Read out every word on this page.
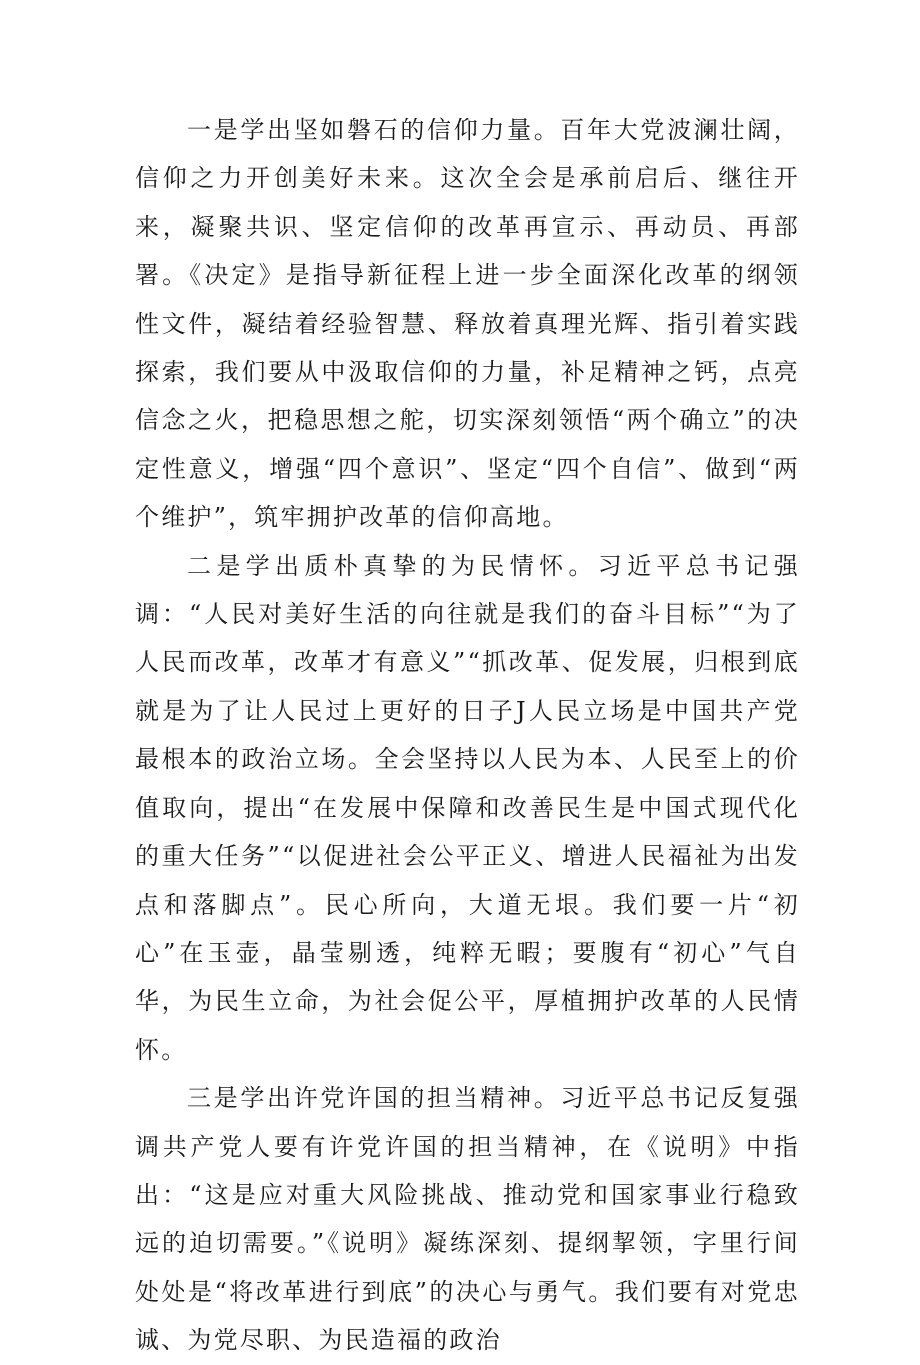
一是学出坚如磐石的信仰力量。百年大党波澜壮阔，信仰之力开创美好未来。这次全会是承前启后、继往开来，凝聚共识、坚定信仰的改革再宣示、再动员、再部署。《决定》是指导新征程上进一步全面深化改革的纲领性文件，凝结着经验智慧、释放着真理光辉、指引着实践探索，我们要从中汲取信仰的力量，补足精神之钙，点亮信念之火，把稳思想之舵，切实深刻领悟“两个确立”的决定性意义，增强“四个意识”、坚定“四个自信”、做到“两个维护”，筑牢拥护改革的信仰高地。

二是学出质朴真挚的为民情怀。习近平总书记强调：“人民对美好生活的向往就是我们的奋斗目标”“为了人民而改革，改革才有意义”“抓改革、促发展，归根到底就是为了让人民过上更好的日子J人民立场是中国共产党最根本的政治立场。全会坚持以人民为本、人民至上的价值取向，提出“在发展中保障和改善民生是中国式现代化的重大任务”“以促进社会公平正义、增进人民福祉为出发点和落脚点”。民心所向，大道无垠。我们要一片“初心”在玉壶，晶莹剔透，纯粹无暇；要腹有“初心”气自华，为民生立命，为社会促公平，厚植拥护改革的人民情怀。

三是学出许党许国的担当精神。习近平总书记反复强调共产党人要有许党许国的担当精神，在《说明》中指出：“这是应对重大风险挑战、推动党和国家事业行稳致远的迫切需要。”《说明》凝练深刻、提纲挈领，字里行间处处是“将改革进行到底”的决心与勇气。我们要有对党忠诚、为党尽职、为民造福的政治
